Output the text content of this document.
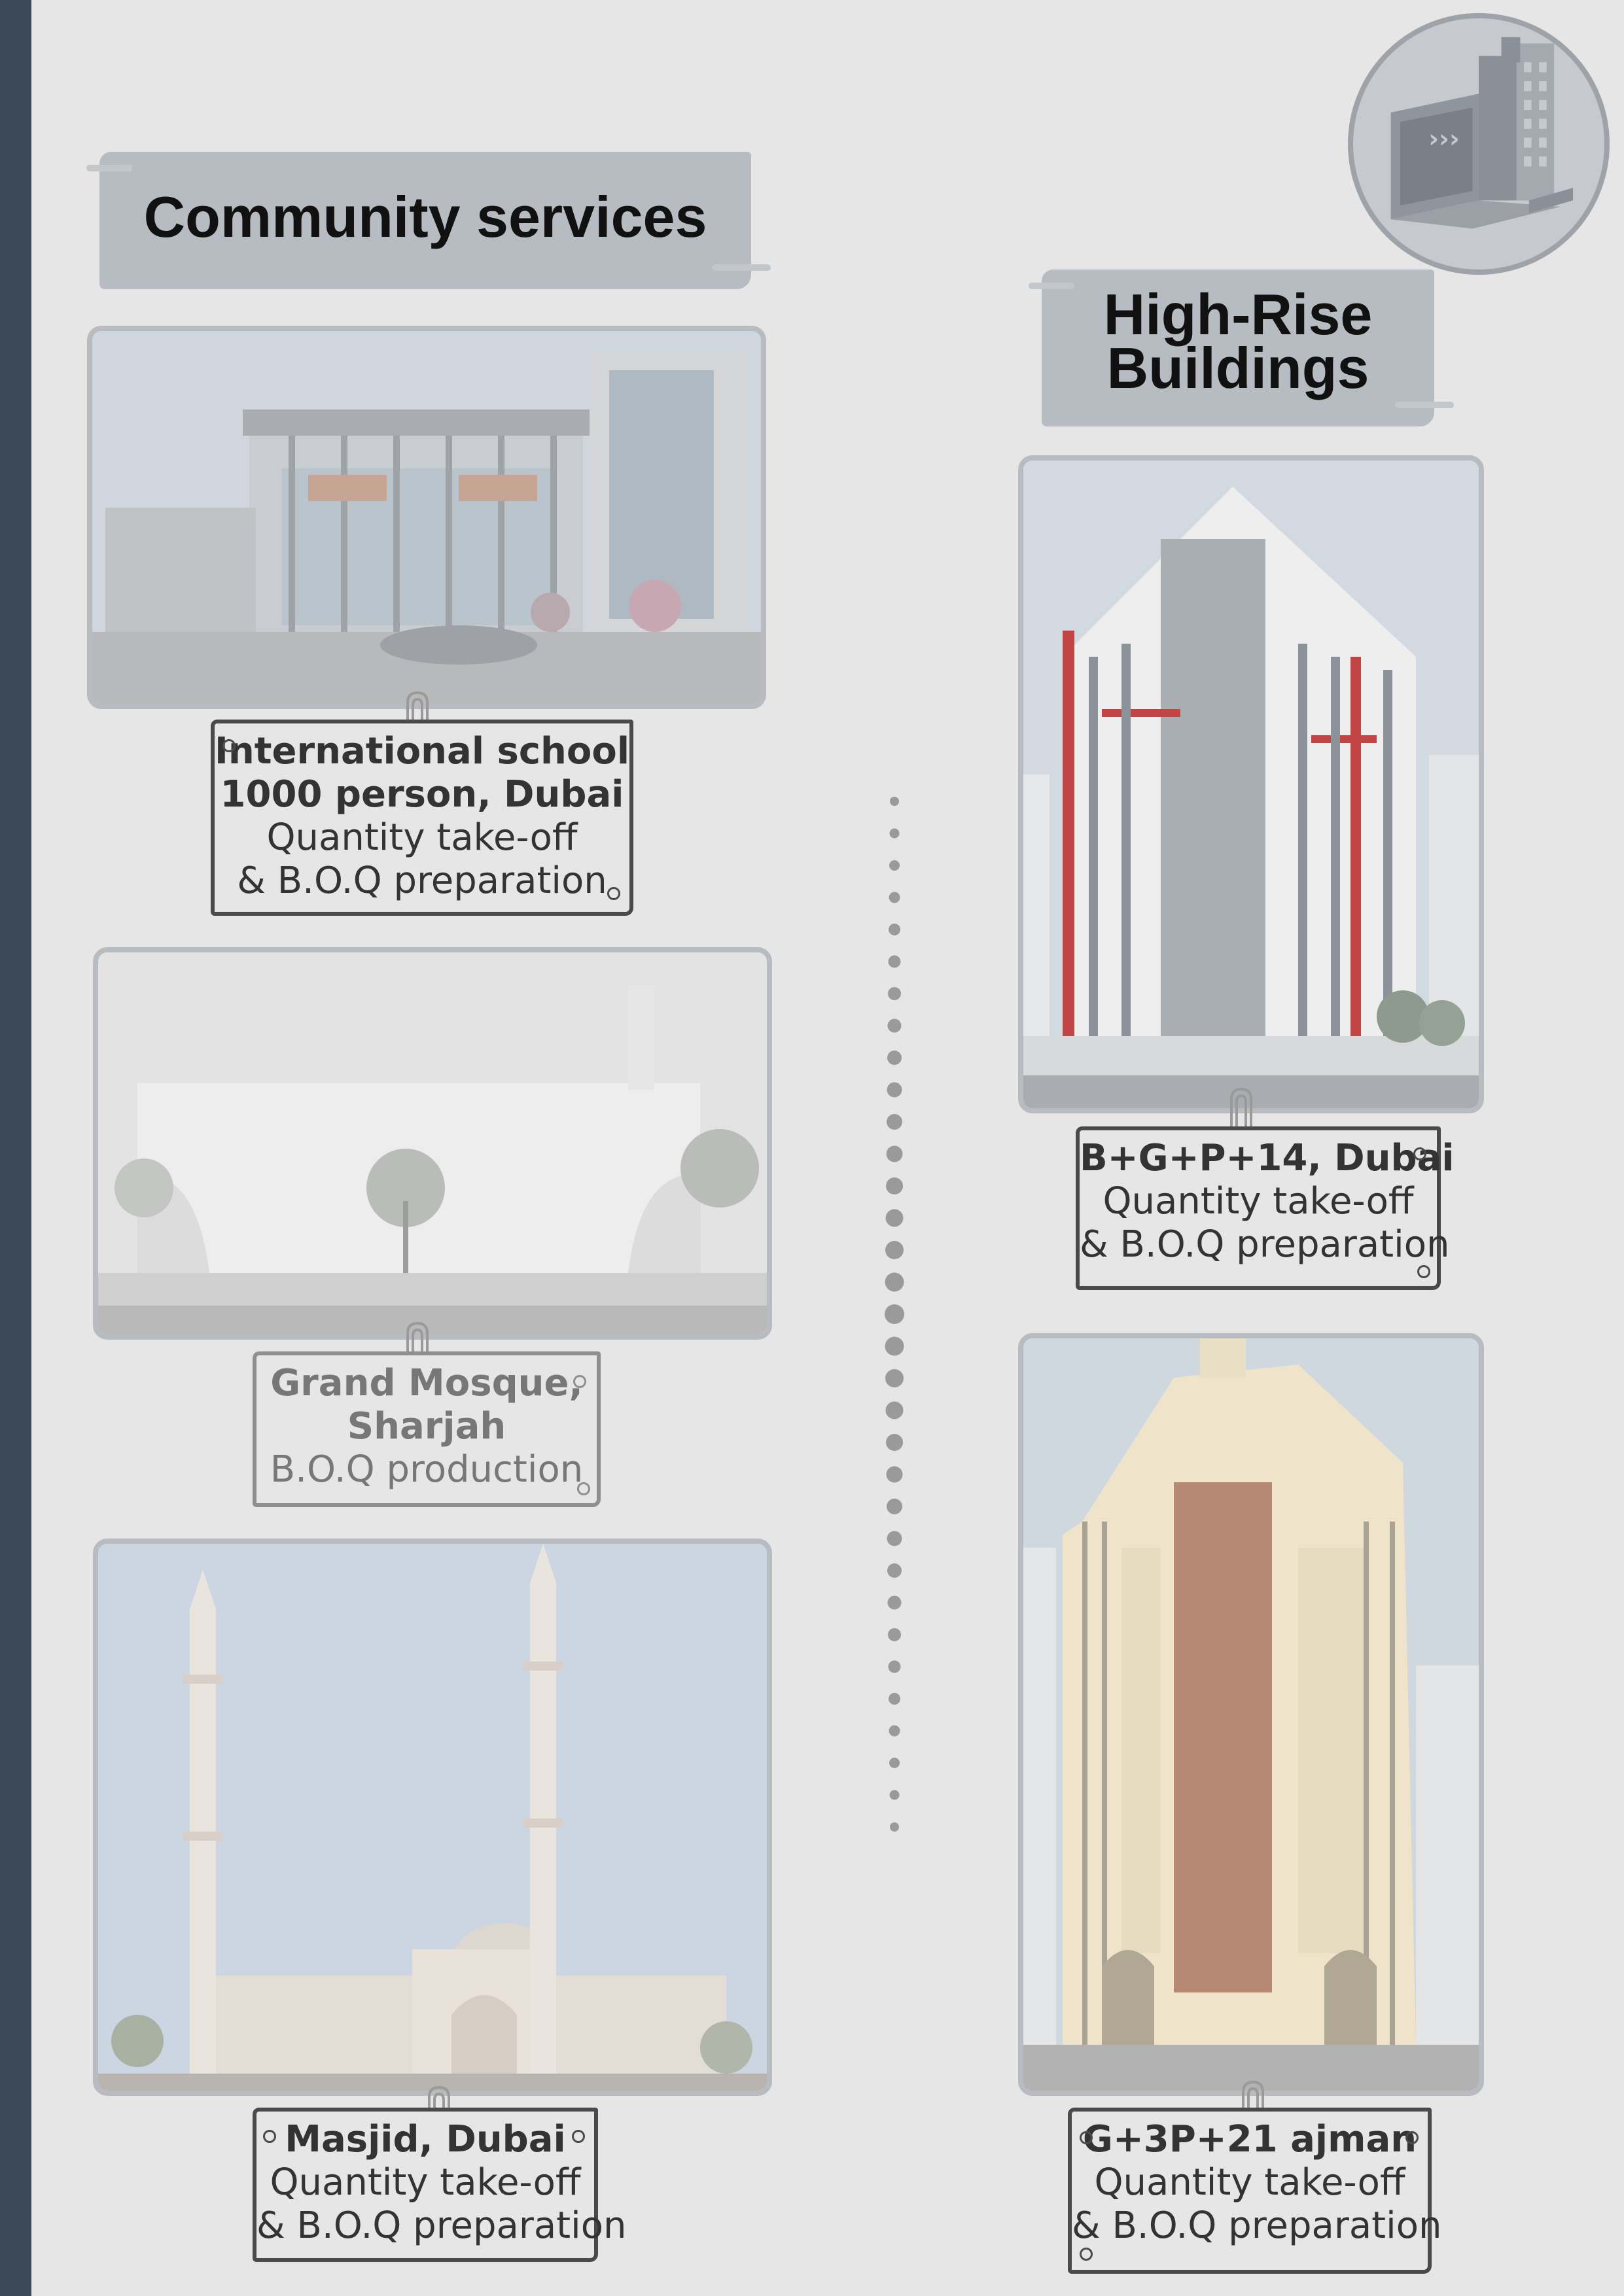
›››
Community services
High-Rise
Buildings
International school
1000 person, Dubai
Quantity take-off
& B.O.Q preparation
Grand Mosque,
Sharjah
B.O.Q production
Masjid, Dubai
Quantity take-off
& B.O.Q preparation
B+G+P+14, Dubai
Quantity take-off
& B.O.Q preparation
G+3P+21 ajman
Quantity take-off
& B.O.Q preparation
